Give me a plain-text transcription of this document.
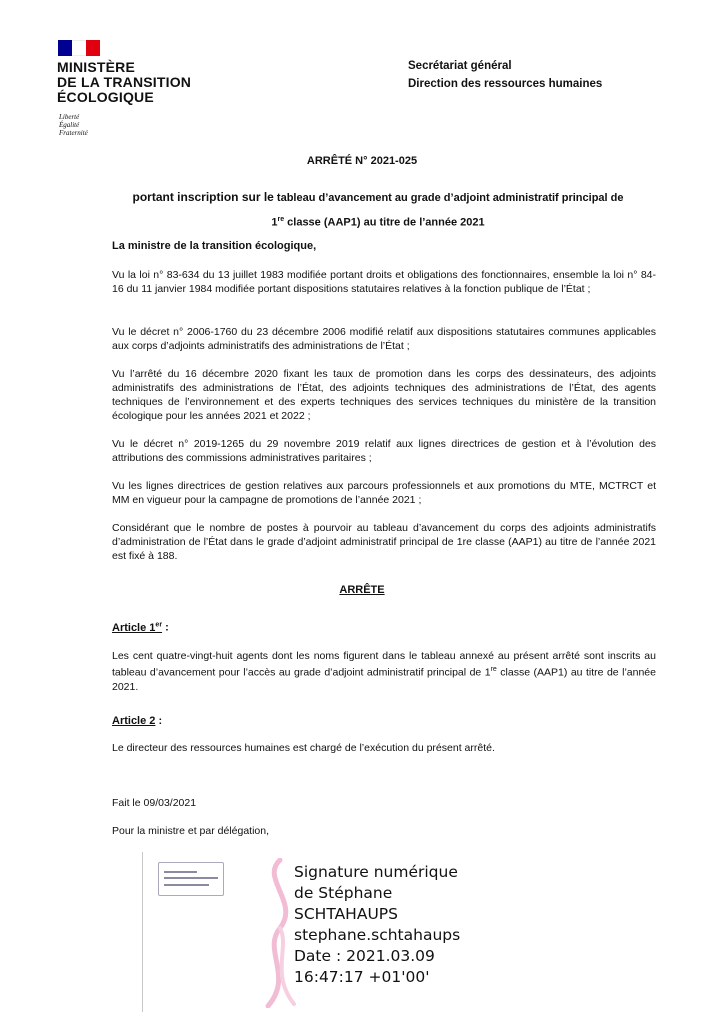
MINISTÈRE
DE LA TRANSITION
ÉCOLOGIQUE
Liberté
Égalité
Fraternité
Secrétariat général
Direction des ressources humaines
ARRÊTÉ N° 2021-025
portant inscription sur le tableau d’avancement au grade d’adjoint administratif principal de
1re classe (AAP1) au titre de l’année 2021
La ministre de la transition écologique,
Vu la loi n° 83-634 du 13 juillet 1983 modifiée portant droits et obligations des fonctionnaires, ensemble la loi n° 84-16 du 11 janvier 1984 modifiée portant dispositions statutaires relatives à la fonction publique de l’État ;
Vu le décret n° 2006-1760 du 23 décembre 2006 modifié relatif aux dispositions statutaires communes applicables aux corps d’adjoints administratifs des administrations de l’État ;
Vu l’arrêté du 16 décembre 2020 fixant les taux de promotion dans les corps des dessinateurs, des adjoints administratifs des administrations de l’État, des adjoints techniques des administrations de l’État, des agents techniques de l’environnement et des experts techniques des services techniques du ministère de la transition écologique pour les années 2021 et 2022 ;
Vu le décret n° 2019-1265 du 29 novembre 2019 relatif aux lignes directrices de gestion et à l’évolution des attributions des commissions administratives paritaires ;
Vu les lignes directrices de gestion relatives aux parcours professionnels et aux promotions du MTE, MCTRCT et MM en vigueur pour la campagne de promotions de l’année 2021 ;
Considérant que le nombre de postes à pourvoir au tableau d’avancement du corps des adjoints administratifs d’administration de l’État dans le grade d’adjoint administratif principal de 1re classe (AAP1) au titre de l’année 2021 est fixé à 188.
ARRÊTE
Article 1er :
Les cent quatre-vingt-huit agents dont les noms figurent dans le tableau annexé au présent arrêté sont inscrits au tableau d’avancement pour l’accès au grade d’adjoint administratif principal de 1re classe (AAP1) au titre de l’année 2021.
Article 2 :
Le directeur des ressources humaines est chargé de l’exécution du présent arrêté.
Fait le 09/03/2021
Pour la ministre et par délégation,
Signature numérique
de Stéphane
SCHTAHAUPS
stephane.schtahaups
Date : 2021.03.09
16:47:17 +01'00'
